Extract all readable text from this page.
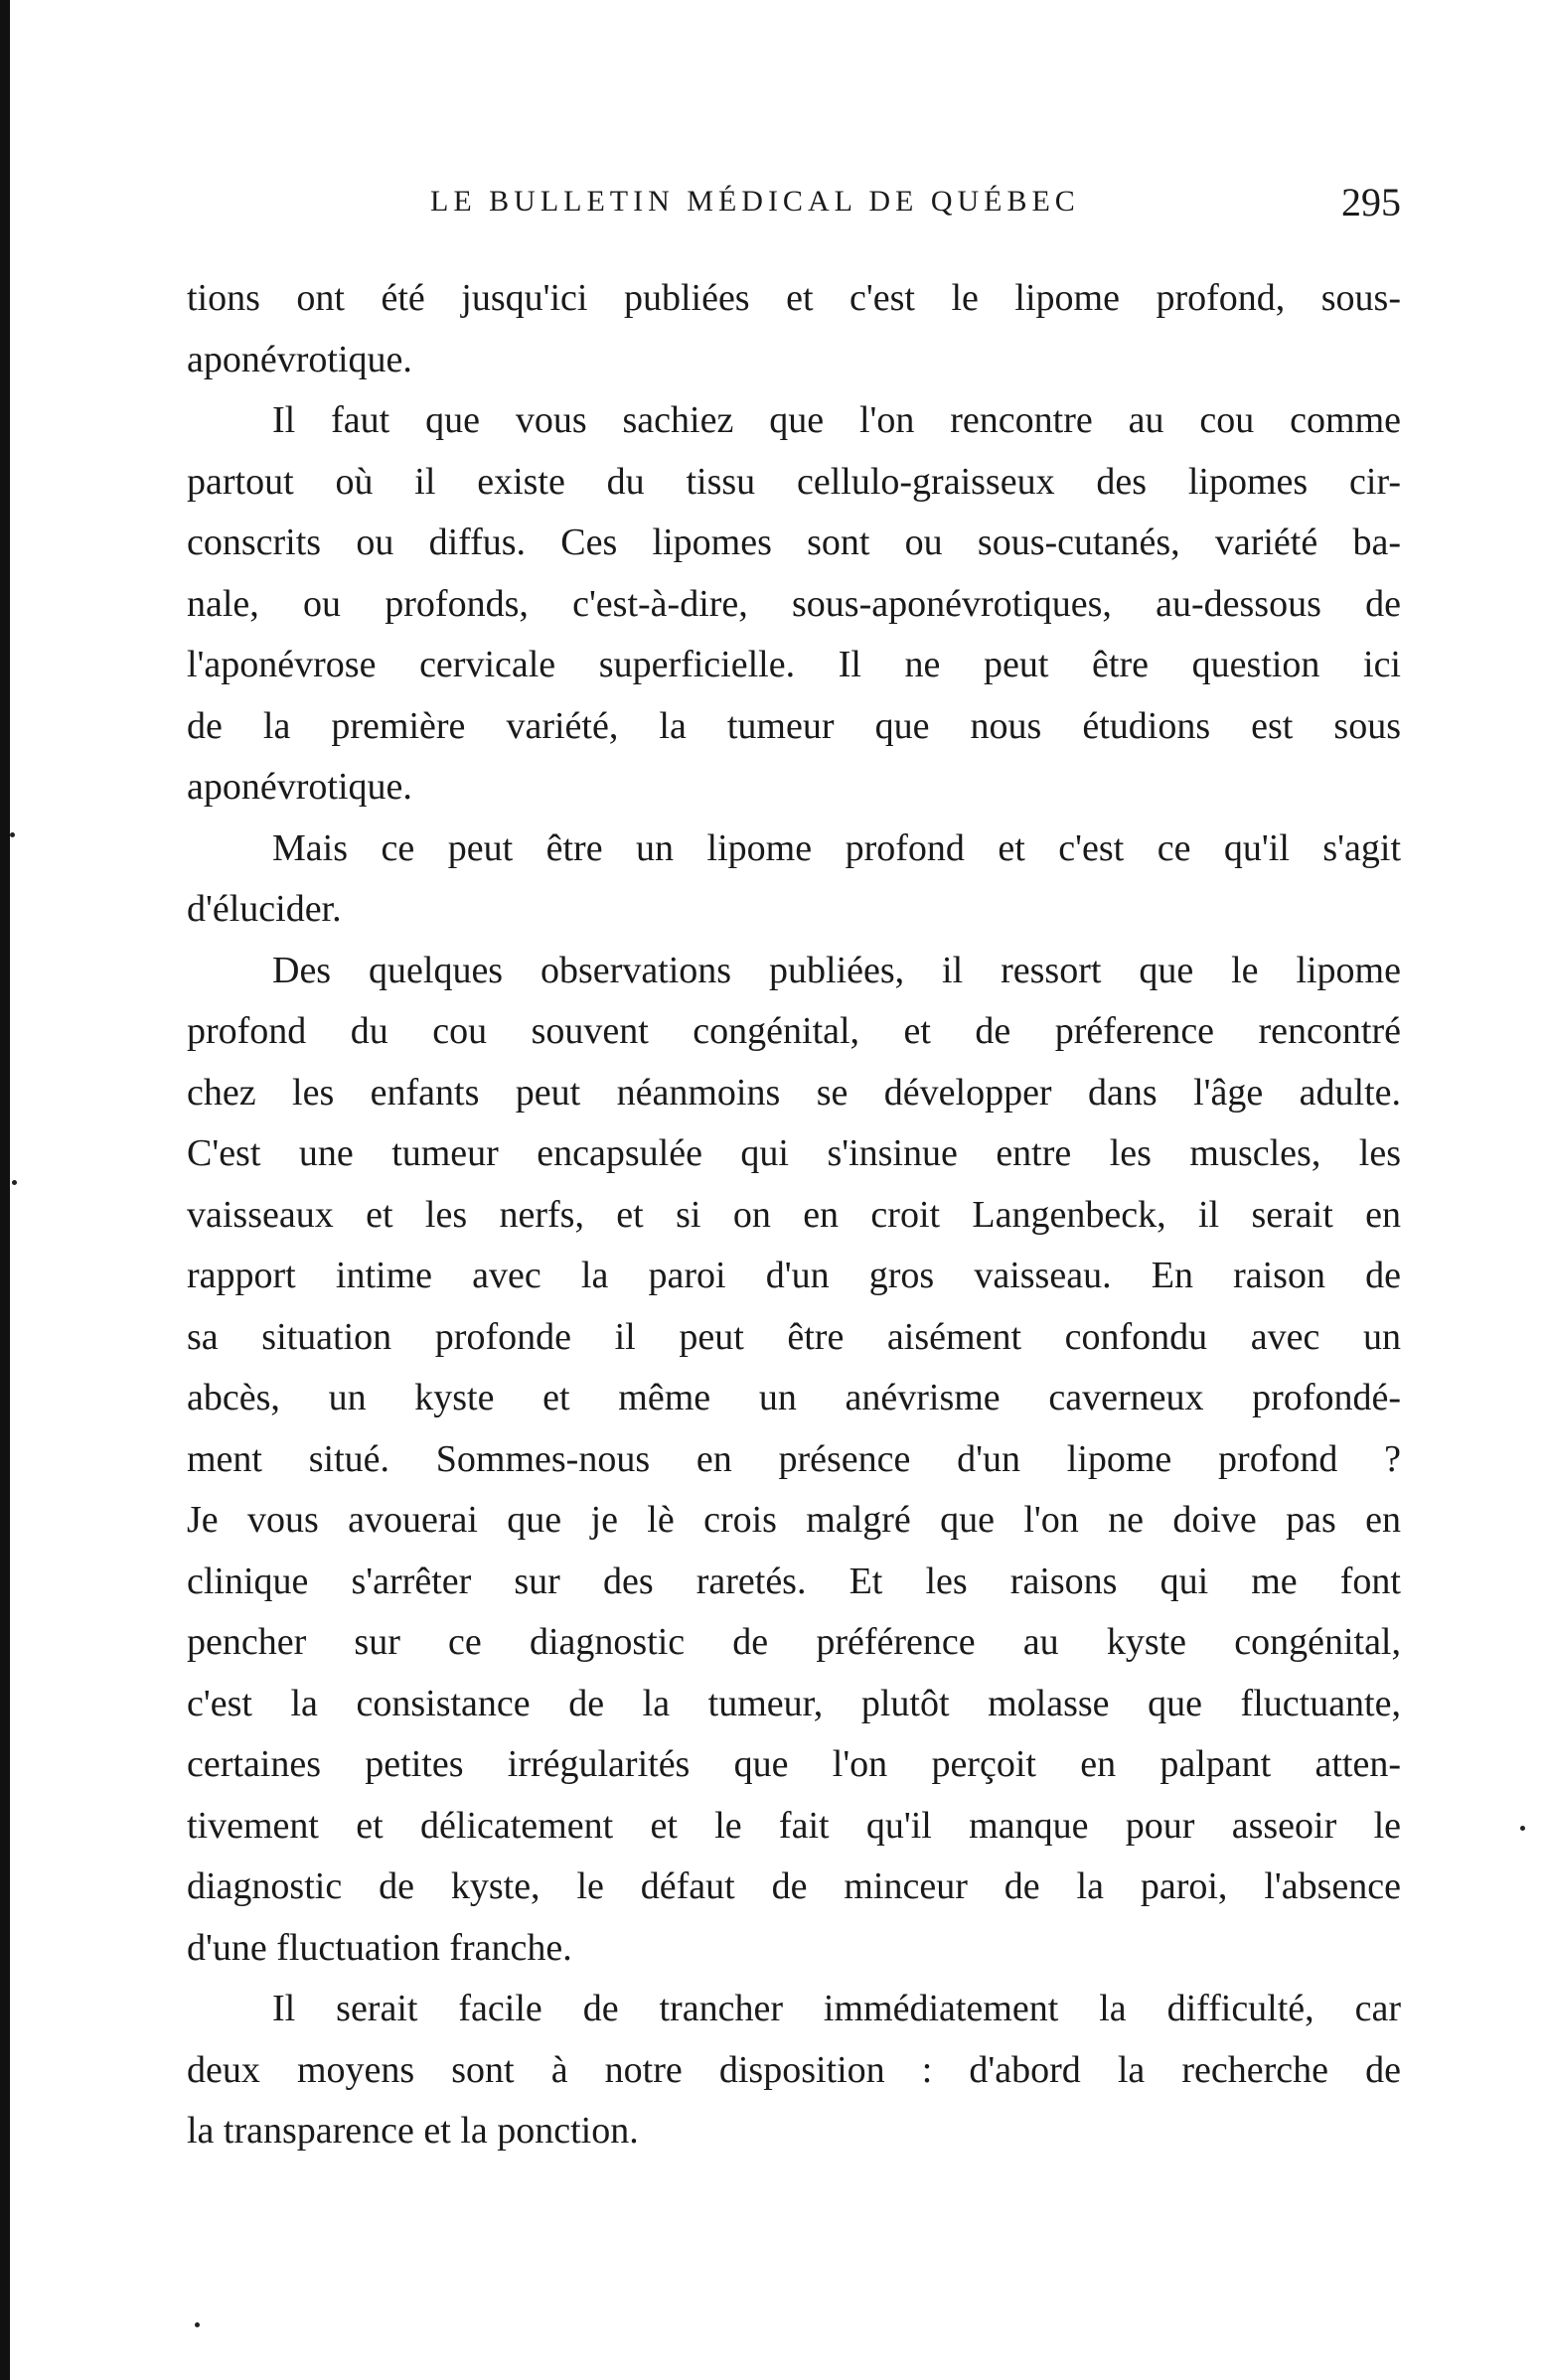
LE BULLETIN MÉDICAL DE QUÉBEC	295
tions ont été jusqu'ici publiées et c'est le lipome profond, sous-
aponévrotique.
Il faut que vous sachiez que l'on rencontre au cou comme
partout où il existe du tissu cellulo-graisseux des lipomes cir-
conscrits ou diffus. Ces lipomes sont ou sous-cutanés, variété ba-
nale, ou profonds, c'est-à-dire, sous-aponévrotiques, au-dessous de
l'aponévrose cervicale superficielle. Il ne peut être question ici
de la première variété, la tumeur que nous étudions est sous
aponévrotique.
Mais ce peut être un lipome profond et c'est ce qu'il s'agit
d'élucider.
Des quelques observations publiées, il ressort que le lipome
profond du cou souvent congénital, et de préference rencontré
chez les enfants peut néanmoins se développer dans l'âge adulte.
C'est une tumeur encapsulée qui s'insinue entre les muscles, les
vaisseaux et les nerfs, et si on en croit Langenbeck, il serait en
rapport intime avec la paroi d'un gros vaisseau. En raison de
sa situation profonde il peut être aisément confondu avec un
abcès, un kyste et même un anévrisme caverneux profondé-
ment situé. Sommes-nous en présence d'un lipome profond ?
Je vous avouerai que je lè crois malgré que l'on ne doive pas en
clinique s'arrêter sur des raretés. Et les raisons qui me font
pencher sur ce diagnostic de préférence au kyste congénital,
c'est la consistance de la tumeur, plutôt molasse que fluctuante,
certaines petites irrégularités que l'on perçoit en palpant atten-
tivement et délicatement et le fait qu'il manque pour asseoir le
diagnostic de kyste, le défaut de minceur de la paroi, l'absence
d'une fluctuation franche.
Il serait facile de trancher immédiatement la difficulté, car
deux moyens sont à notre disposition : d'abord la recherche de
la transparence et la ponction.
